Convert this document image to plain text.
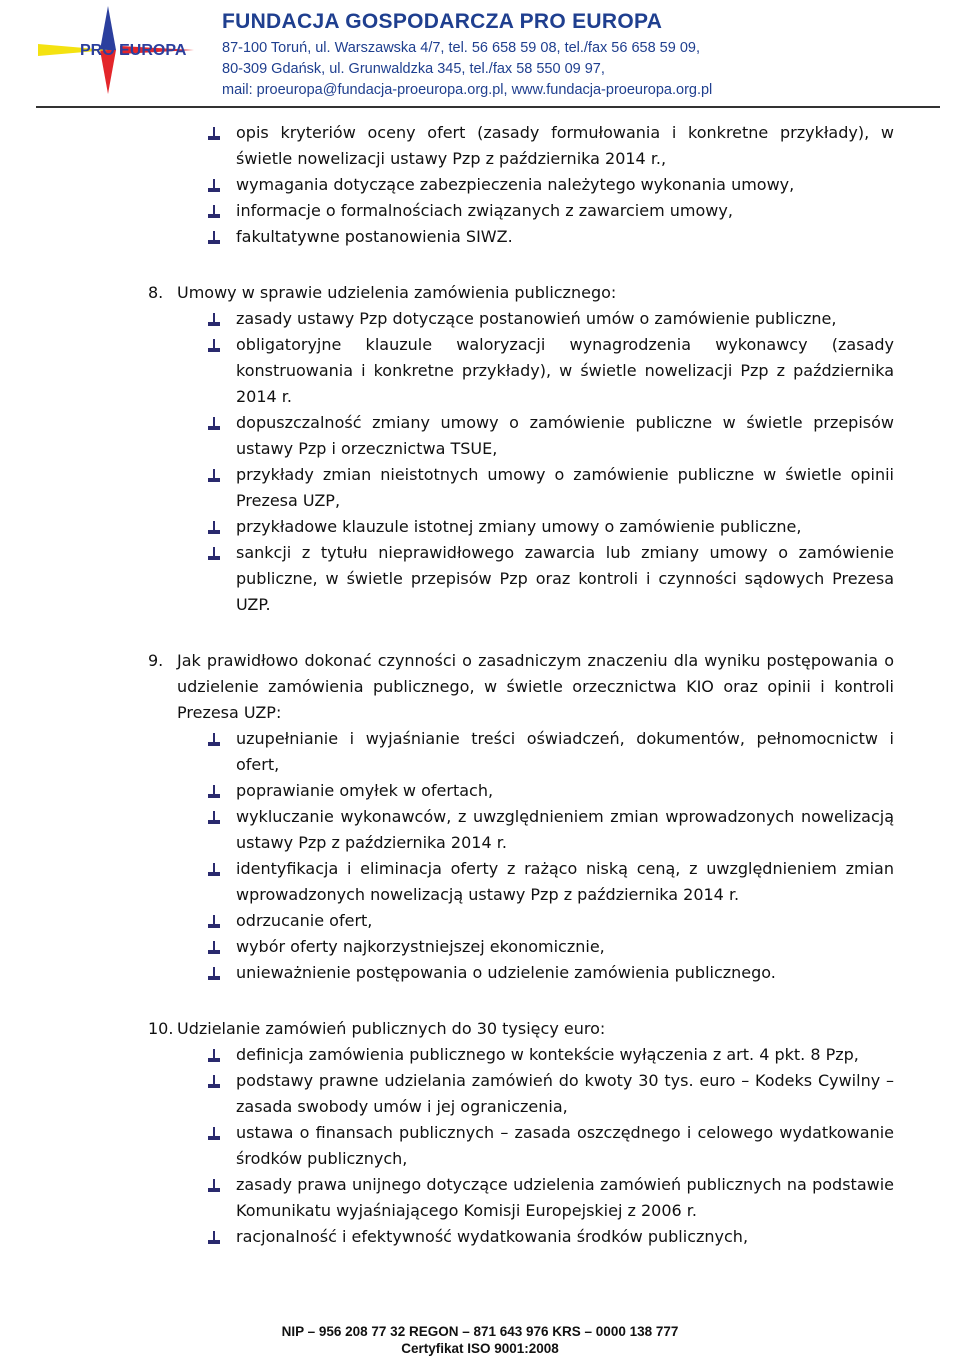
PRO EUROPA

FUNDACJA GOSPODARCZA PRO EUROPA

87-100 Toruń, ul. Warszawska 4/7, tel. 56 658 59 08, tel./fax 56 658 59 09,

80-309 Gdańsk, ul. Grunwaldzka 345, tel./fax 58 550 09 97,

mail: proeuropa@fundacja-proeuropa.org.pl, www.fundacja-proeuropa.org.pl

opis kryteriów oceny ofert (zasady formułowania i konkretne przykłady), w świetle nowelizacji ustawy Pzp z października 2014 r.,
wymagania dotyczące zabezpieczenia należytego wykonania umowy,
informacje o formalnościach związanych z zawarciem umowy,
fakultatywne postanowienia SIWZ.
8. Umowy w sprawie udzielenia zamówienia publicznego:

zasady ustawy Pzp dotyczące postanowień umów o zamówienie publiczne,
obligatoryjne klauzule waloryzacji wynagrodzenia wykonawcy (zasady konstruowania i konkretne przykłady), w świetle nowelizacji Pzp z października 2014 r.
dopuszczalność zmiany umowy o zamówienie publiczne w świetle przepisów ustawy Pzp i orzecznictwa TSUE,
przykłady zmian nieistotnych umowy o zamówienie publiczne w świetle opinii Prezesa UZP,
przykładowe klauzule istotnej zmiany umowy o zamówienie publiczne,
sankcji z tytułu nieprawidłowego zawarcia lub zmiany umowy o zamówienie publiczne, w świetle przepisów Pzp oraz kontroli i czynności sądowych Prezesa UZP.
9. Jak prawidłowo dokonać czynności o zasadniczym znaczeniu dla wyniku postępowania o udzielenie zamówienia publicznego, w świetle orzecznictwa KIO oraz opinii i kontroli Prezesa UZP:

uzupełnianie i wyjaśnianie treści oświadczeń, dokumentów, pełnomocnictw i ofert,
poprawianie omyłek w ofertach,
wykluczanie wykonawców, z uwzględnieniem zmian wprowadzonych nowelizacją ustawy Pzp z października 2014 r.
identyfikacja i eliminacja oferty z rażąco niską ceną, z uwzględnieniem zmian wprowadzonych nowelizacją ustawy Pzp z października 2014 r.
odrzucanie ofert,
wybór oferty najkorzystniejszej ekonomicznie,
unieważnienie postępowania o udzielenie zamówienia publicznego.
10. Udzielanie zamówień publicznych do 30 tysięcy euro:

definicja zamówienia publicznego w kontekście wyłączenia z art. 4 pkt. 8 Pzp,
podstawy prawne udzielania zamówień do kwoty 30 tys. euro – Kodeks Cywilny – zasada swobody umów i jej ograniczenia,
ustawa o finansach publicznych – zasada oszczędnego i celowego wydatkowanie środków publicznych,
zasady prawa unijnego dotyczące udzielenia zamówień publicznych na podstawie Komunikatu wyjaśniającego Komisji Europejskiej z 2006 r.
racjonalność i efektywność wydatkowania środków publicznych,
NIP – 956 208 77 32 REGON – 871 643 976 KRS – 0000 138 777
Certyfikat ISO 9001:2008
